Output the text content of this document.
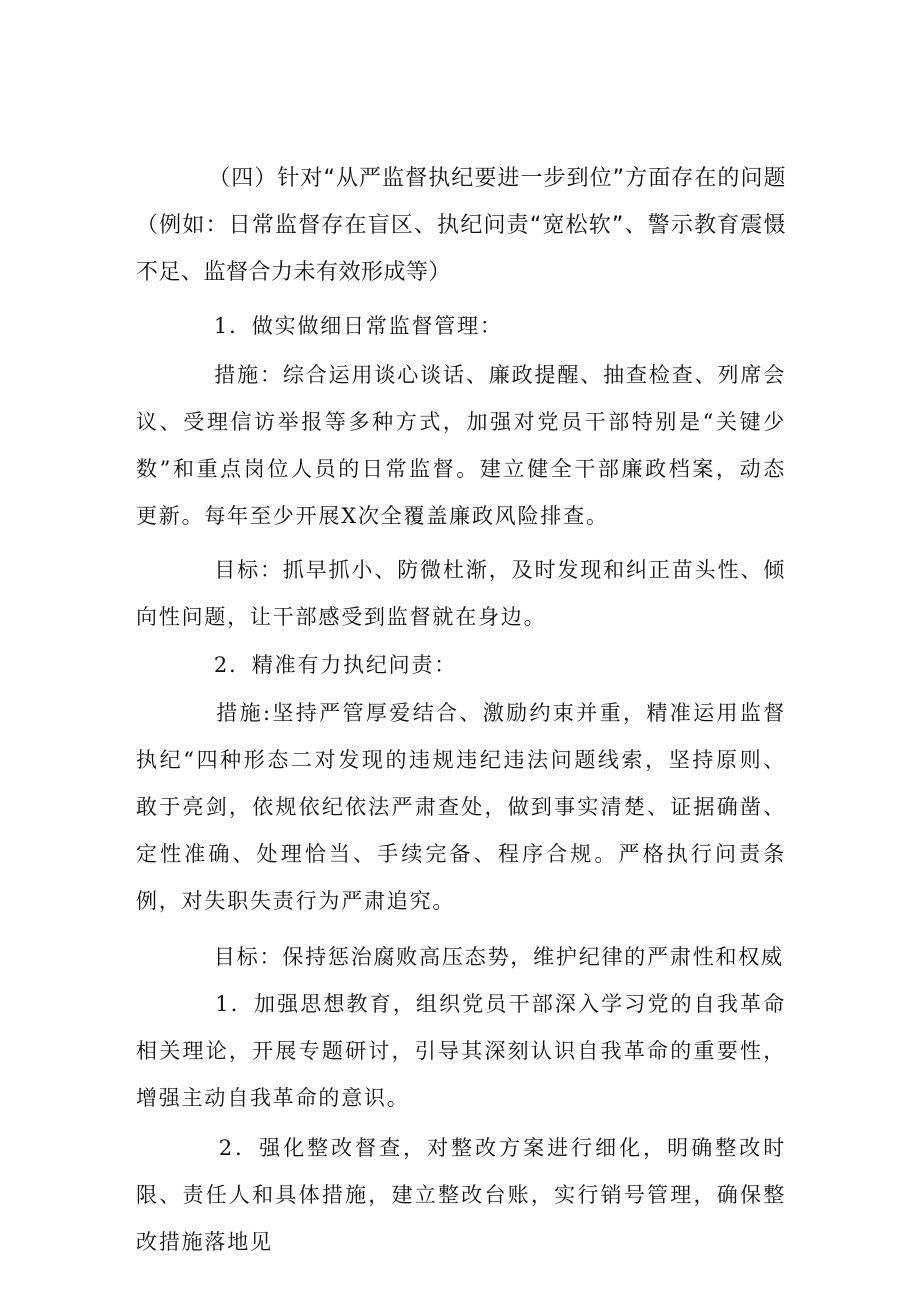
（四）针对“从严监督执纪要进一步到位”方面存在的问题（例如：日常监督存在盲区、执纪问责“宽松软”、警示教育震慑不足、监督合力未有效形成等）

1．做实做细日常监督管理：

措施：综合运用谈心谈话、廉政提醒、抽查检查、列席会议、受理信访举报等多种方式，加强对党员干部特别是“关键少数”和重点岗位人员的日常监督。建立健全干部廉政档案，动态更新。每年至少开展X次全覆盖廉政风险排查。

目标：抓早抓小、防微杜渐，及时发现和纠正苗头性、倾向性问题，让干部感受到监督就在身边。

2．精准有力执纪问责：

措施:坚持严管厚爱结合、激励约束并重，精准运用监督执纪“四种形态二对发现的违规违纪违法问题线索，坚持原则、敢于亮剑，依规依纪依法严肃查处，做到事实清楚、证据确凿、定性准确、处理恰当、手续完备、程序合规。严格执行问责条例，对失职失责行为严肃追究。

目标：保持惩治腐败高压态势，维护纪律的严肃性和权威

1．加强思想教育，组织党员干部深入学习党的自我革命相关理论，开展专题研讨，引导其深刻认识自我革命的重要性，增强主动自我革命的意识。

2．强化整改督查，对整改方案进行细化，明确整改时限、责任人和具体措施，建立整改台账，实行销号管理，确保整改措施落地见
